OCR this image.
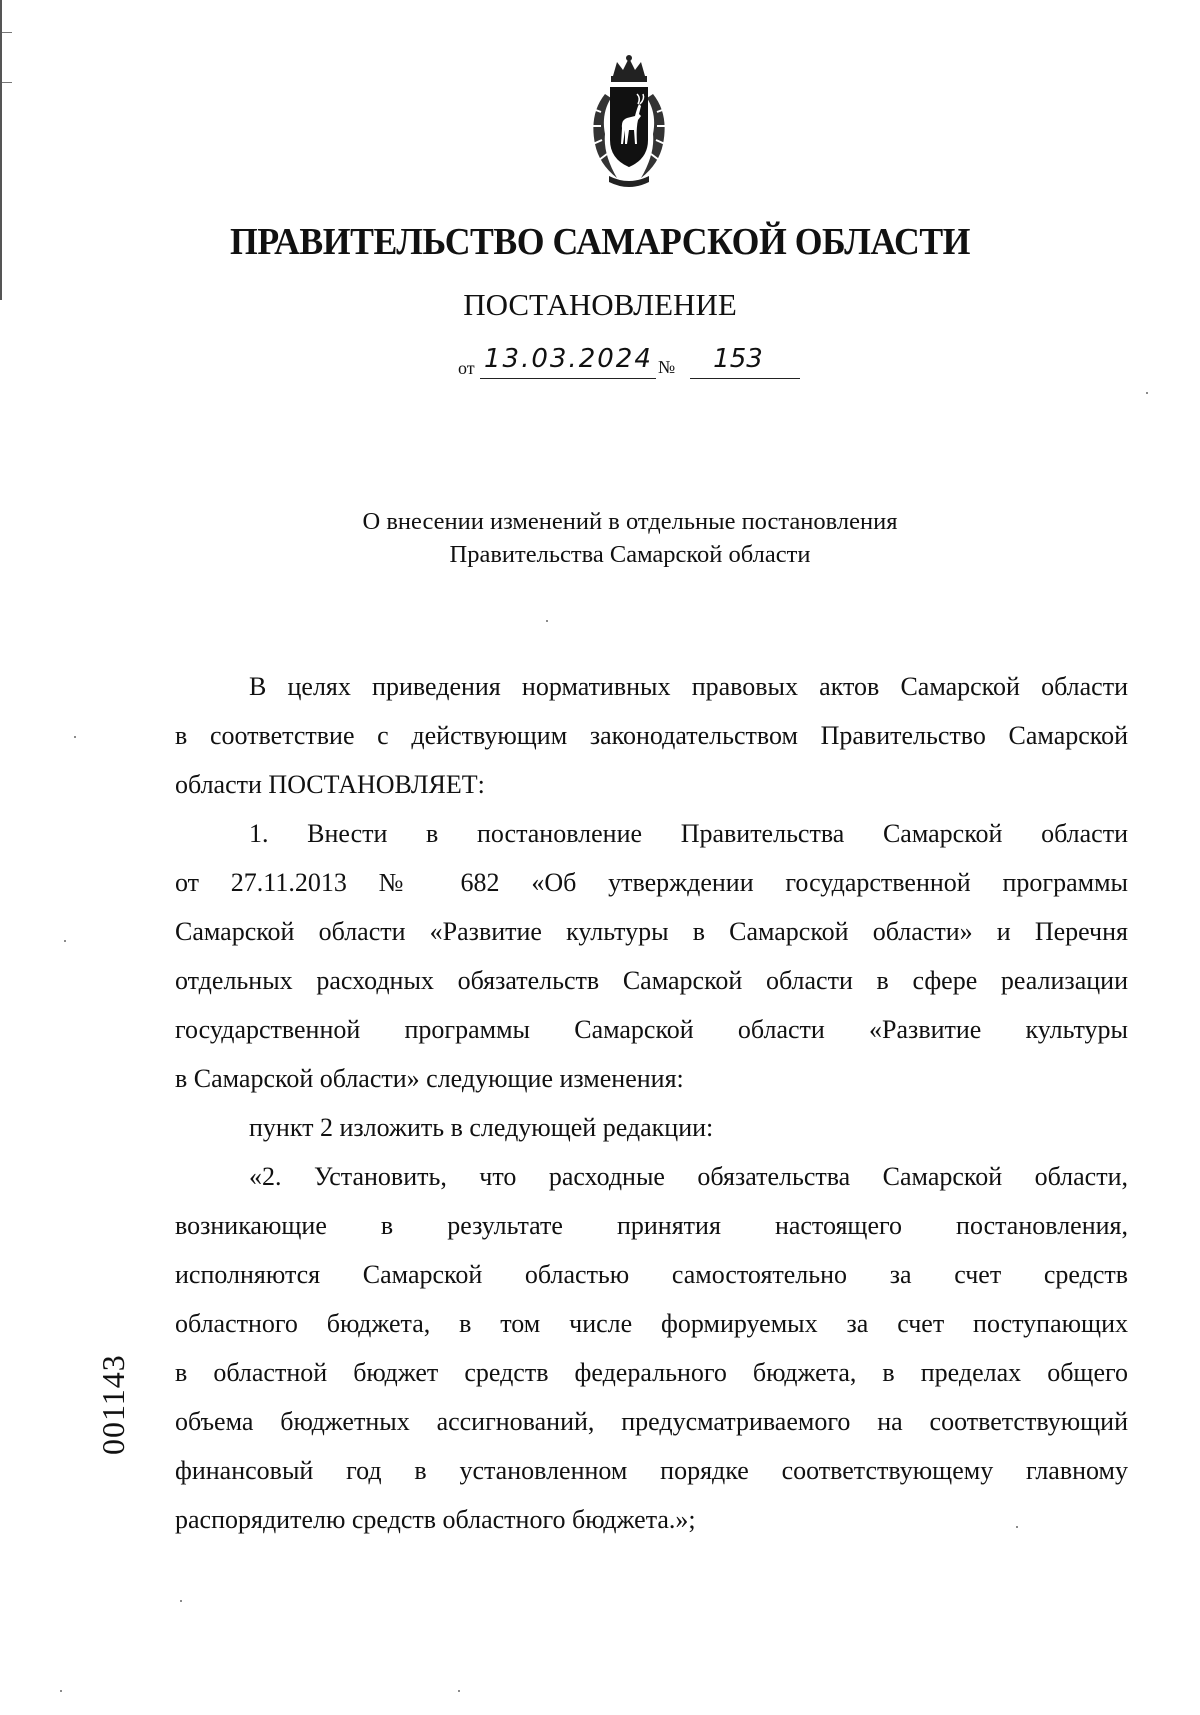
ПРАВИТЕЛЬСТВО САМАРСКОЙ ОБЛАСТИ
ПОСТАНОВЛЕНИЕ
от 13.03.2024 №	153
О внесении изменений в отдельные постановления
Правительства Самарской области
В целях приведения нормативных правовых актов Самарской области
в соответствие с действующим законодательством Правительство Самарской
области ПОСТАНОВЛЯЕТ:
1. Внести в постановление Правительства Самарской области
от 27.11.2013 № 682 «Об утверждении государственной программы
Самарской области «Развитие культуры в Самарской области» и Перечня
отдельных расходных обязательств Самарской области в сфере реализации
государственной программы Самарской области «Развитие культуры
в Самарской области» следующие изменения:
пункт 2 изложить в следующей редакции:
«2. Установить, что расходные обязательства Самарской области,
возникающие в результате принятия настоящего постановления,
исполняются Самарской областью самостоятельно за счет средств
областного бюджета, в том числе формируемых за счет поступающих
в областной бюджет средств федерального бюджета, в пределах общего
объема бюджетных ассигнований, предусматриваемого на соответствующий
финансовый год в установленном порядке соответствующему главному
распорядителю средств областного бюджета.»;
001143
